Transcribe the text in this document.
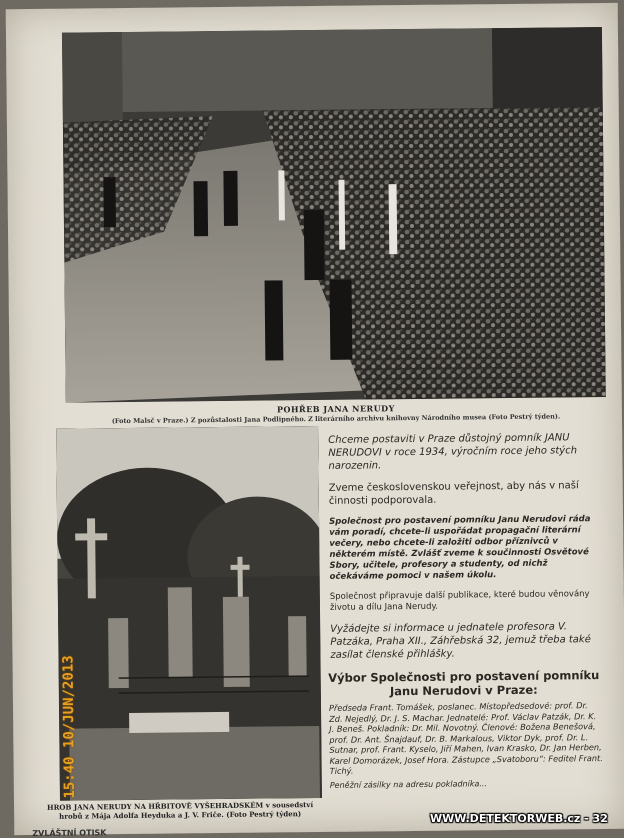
POHŘEB JANA NERUDY
(Foto Malsč v Praze.) Z pozůstalosti Jana Podlipného. Z literárního archivu knihovny Národního musea (Foto Pestrý týden).
15:40 10/JUN/2013
HROB JANA NERUDY NA HŘBITOVĚ VYŠEHRADSKÉM v sousedství hrobů z Mája Adolfa Heyduka a J. V. Friče. (Foto Pestrý týden)

Chceme postaviti v Praze důstojný pomník JANU NERUDOVI v roce 1934, výročním roce jeho stých narozenin.

Zveme československou veřejnost, aby nás v naší činnosti podporovala.

Společnost pro postavení pomníku Janu Nerudovi ráda vám poradí, chcete-li uspořádat propagační literární večery, nebo chcete-li založiti odbor příznivců v některém místě. Zvlášť zveme k součinnosti Osvětové Sbory, učitele, profesory a studenty, od nichž očekáváme pomoci v našem úkolu.

Společnost připravuje další publikace, které budou věnovány životu a dílu Jana Nerudy.

Vyžádejte si informace u jednatele profesora V. Patzáka, Praha XII., Záhřebská 32, jemuž třeba také zasílat členské přihlášky.

Výbor Společnosti pro postavení pomníku Janu Nerudovi v Praze:
Předseda Frant. Tomášek, poslanec. Místopředsedové: prof. Dr. Zd. Nejedlý, Dr. J. S. Machar. Jednatelé: Prof. Václav Patzák, Dr. K. J. Beneš. Pokladník: Dr. Mil. Novotný. Členové: Božena Benešová, prof. Dr. Ant. Šnajdauf, Dr. B. Markalous, Viktor Dyk, prof. Dr. L. Sutnar, prof. Frant. Kyselo, Jiří Mahen, Ivan Krasko, Dr. Jan Herben, Karel Domorázek, Josef Hora. Zástupce „Svatoboru“: Feditel Frant. Tichý.
Peněžní zásilky na adresu pokladníka...
ZVLÁŠTNÍ OTISK
WWW.DETEKTORWEB.cz - 32
